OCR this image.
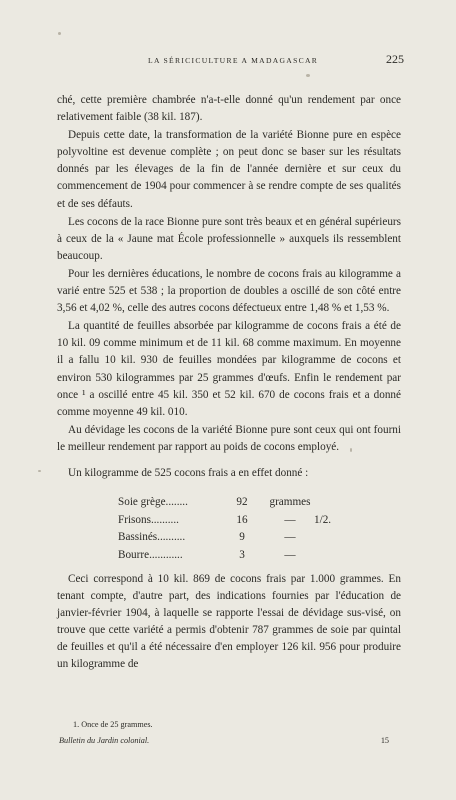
LA SÉRICICULTURE A MADAGASCAR	225

ché, cette première chambrée n'a-t-elle donné qu'un rendement par once relativement faible (38 kil. 187).

Depuis cette date, la transformation de la variété Bionne pure en espèce polyvoltine est devenue complète ; on peut donc se baser sur les résultats donnés par les élevages de la fin de l'année dernière et sur ceux du commencement de 1904 pour commencer à se rendre compte de ses qualités et de ses défauts.

Les cocons de la race Bionne pure sont très beaux et en général supérieurs à ceux de la « Jaune mat École professionnelle » auxquels ils ressemblent beaucoup.

Pour les dernières éducations, le nombre de cocons frais au kilogramme a varié entre 525 et 538 ; la proportion de doubles a oscillé de son côté entre 3,56 et 4,02 %, celle des autres cocons défectueux entre 1,48 % et 1,53 %.

La quantité de feuilles absorbée par kilogramme de cocons frais a été de 10 kil. 09 comme minimum et de 11 kil. 68 comme maximum. En moyenne il a fallu 10 kil. 930 de feuilles mondées par kilogramme de cocons et environ 530 kilogrammes par 25 grammes d'œufs. Enfin le rendement par once ¹ a oscillé entre 45 kil. 350 et 52 kil. 670 de cocons frais et a donné comme moyenne 49 kil. 010.

Au dévidage les cocons de la variété Bionne pure sont ceux qui ont fourni le meilleur rendement par rapport au poids de cocons employé.

Un kilogramme de 525 cocons frais a en effet donné :

Soie grège........	92	grammes	
Frisons..........	16	—	1/2.
Bassinés..........	9	—	
Bourre............	3	—	

Ceci correspond à 10 kil. 869 de cocons frais par 1.000 grammes. En tenant compte, d'autre part, des indications fournies par l'éducation de janvier-février 1904, à laquelle se rapporte l'essai de dévidage sus-visé, on trouve que cette variété a permis d'obtenir 787 grammes de soie par quintal de feuilles et qu'il a été nécessaire d'en employer 126 kil. 956 pour produire un kilogramme de

1. Once de 25 grammes.
Bulletin du Jardin colonial.	15
